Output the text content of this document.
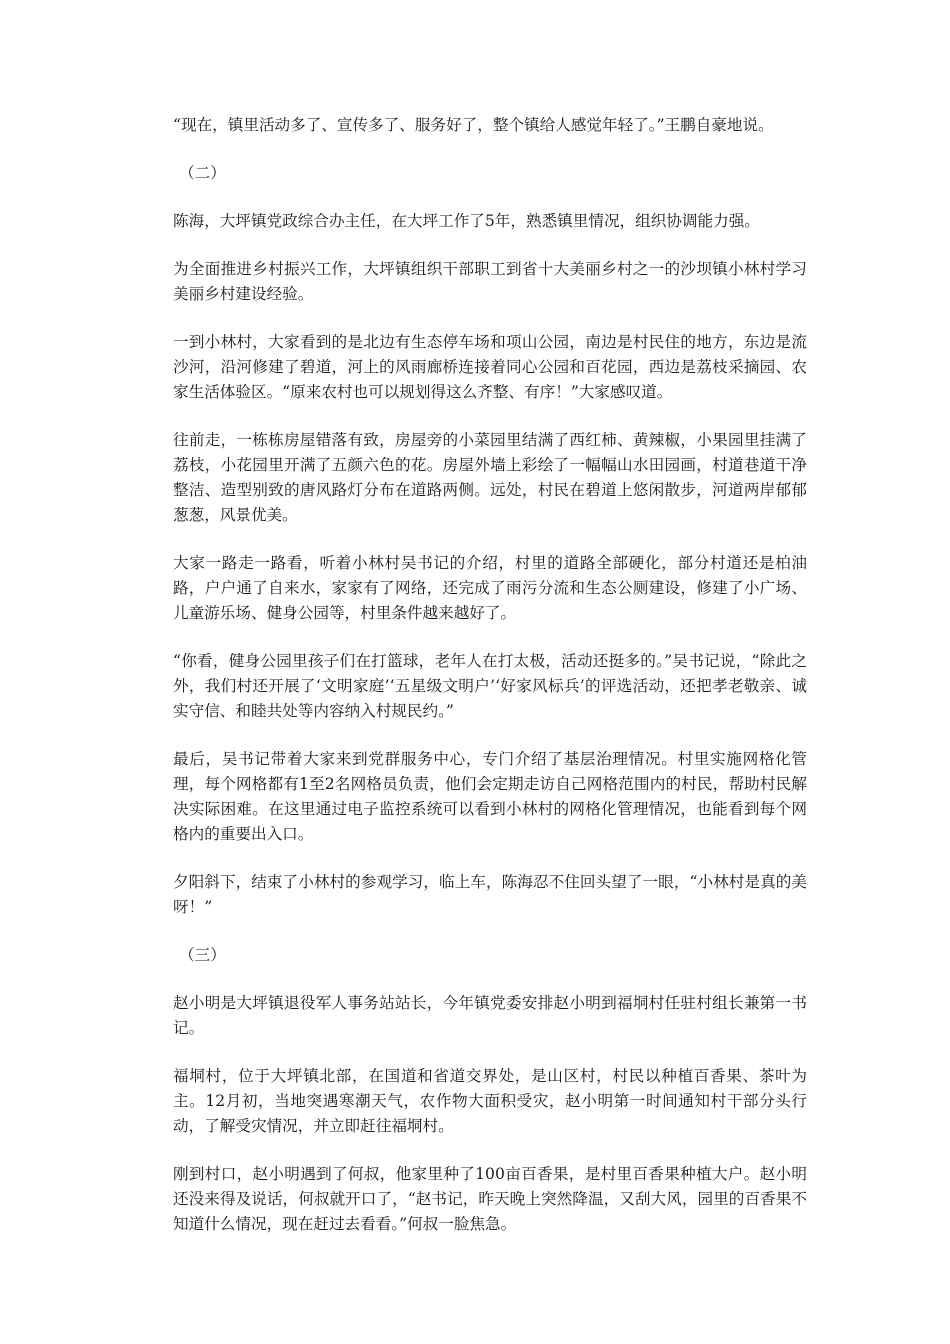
“现在，镇里活动多了、宣传多了、服务好了，整个镇给人感觉年轻了。”王鹏自豪地说。

（二）

陈海，大坪镇党政综合办主任，在大坪工作了5年，熟悉镇里情况，组织协调能力强。

为全面推进乡村振兴工作，大坪镇组织干部职工到省十大美丽乡村之一的沙坝镇小林村学习美丽乡村建设经验。

一到小林村，大家看到的是北边有生态停车场和项山公园，南边是村民住的地方，东边是流沙河，沿河修建了碧道，河上的风雨廊桥连接着同心公园和百花园，西边是荔枝采摘园、农家生活体验区。“原来农村也可以规划得这么齐整、有序！”大家感叹道。

往前走，一栋栋房屋错落有致，房屋旁的小菜园里结满了西红柿、黄辣椒，小果园里挂满了荔枝，小花园里开满了五颜六色的花。房屋外墙上彩绘了一幅幅山水田园画，村道巷道干净整洁、造型别致的唐风路灯分布在道路两侧。远处，村民在碧道上悠闲散步，河道两岸郁郁葱葱，风景优美。

大家一路走一路看，听着小林村吴书记的介绍，村里的道路全部硬化，部分村道还是柏油路，户户通了自来水，家家有了网络，还完成了雨污分流和生态公厕建设，修建了小广场、儿童游乐场、健身公园等，村里条件越来越好了。

“你看，健身公园里孩子们在打篮球，老年人在打太极，活动还挺多的。”吴书记说，“除此之外，我们村还开展了‘文明家庭’‘五星级文明户’‘好家风标兵’的评选活动，还把孝老敬亲、诚实守信、和睦共处等内容纳入村规民约。”

最后，吴书记带着大家来到党群服务中心，专门介绍了基层治理情况。村里实施网格化管理，每个网格都有1至2名网格员负责，他们会定期走访自己网格范围内的村民，帮助村民解决实际困难。在这里通过电子监控系统可以看到小林村的网格化管理情况，也能看到每个网格内的重要出入口。

夕阳斜下，结束了小林村的参观学习，临上车，陈海忍不住回头望了一眼，“小林村是真的美呀！”

（三）

赵小明是大坪镇退役军人事务站站长，今年镇党委安排赵小明到福垌村任驻村组长兼第一书记。

福垌村，位于大坪镇北部，在国道和省道交界处，是山区村，村民以种植百香果、茶叶为主。12月初，当地突遇寒潮天气，农作物大面积受灾，赵小明第一时间通知村干部分头行动，了解受灾情况，并立即赶往福垌村。

刚到村口，赵小明遇到了何叔，他家里种了100亩百香果，是村里百香果种植大户。赵小明还没来得及说话，何叔就开口了，“赵书记，昨天晚上突然降温，又刮大风，园里的百香果不知道什么情况，现在赶过去看看。”何叔一脸焦急。
